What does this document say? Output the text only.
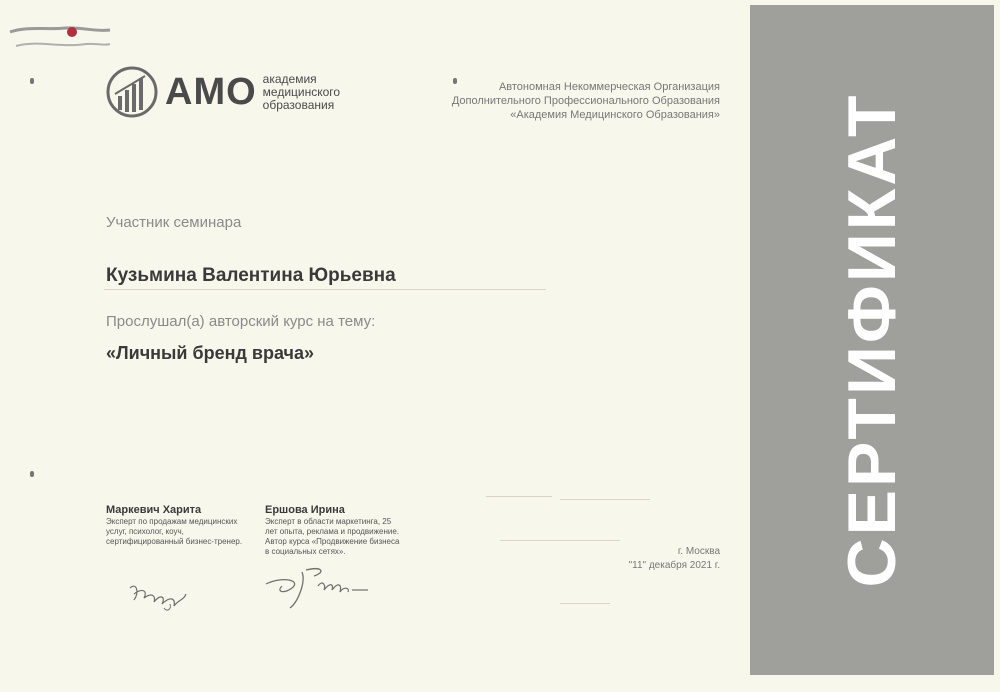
АМО академия медицинского образования
Автономная Некоммерческая Организация
Дополнительного Профессионального Образования
«Академия Медицинского Образования»
Участник семинара
Кузьмина Валентина Юрьевна
Прослушал(а) авторский курс на тему:
«Личный бренд врача»
Маркевич Харита
Эксперт по продажам медицинских услуг, психолог, коуч, сертифицированный бизнес-тренер.
Ершова Ирина
Эксперт в области маркетинга, 25 лет опыта, реклама и продвижение. Автор курса «Продвижение бизнеса в социальных сетях».	г. Москва
"11" декабря 2021 г. СЕРТИФИКАТ
